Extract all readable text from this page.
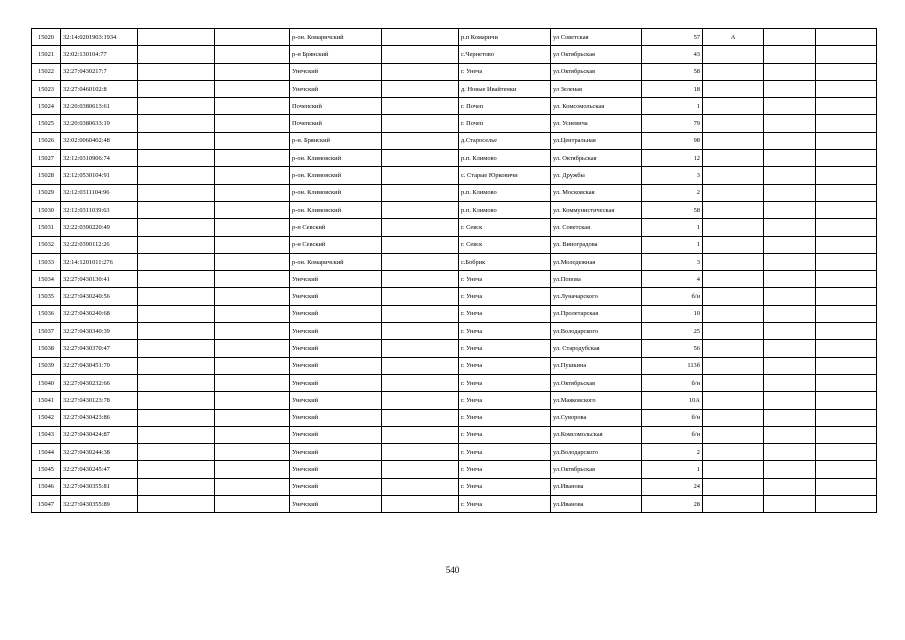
15020	32:14:0201903:1934			р-он. Комаричский		р.п Комаричи	ул Советская	57	А		
15021	32:02:130104:77			р-н Брянский		с.Чернетово	ул Октябрьская	43			
15022	32:27:0430217:7			Унечский		г. Унеча	ул.Октябрьская	58			
15023	32:27:0460102:8			Унечский		д. Новые Ивайтенки	ул Зеленая	18			
15024	32:20:0380613:61			Почепский		г. Почеп	ул. Комсомольская	1			
15025	32:20:0380633:19			Почепский		г. Почеп	ул. Усиевича	79			
15026	32:02:0060402:48			р-н. Брянский		д.Староселье	ул.Центральная	98			
15027	32:12:0310906:74			р-он. Климовский		р.п. Климово	ул. Октябрьская	12			
15028	32:12:0530104:91			р-он. Климовский		с. Старые Юрковичи	ул. Дружбы	3			
15029	32:12:0311104:96			р-он. Климовский		р.п. Климово	ул. Московская	2			
15030	32:12:0311039:63			р-он. Климовский		р.п. Климово	ул. Коммунистическая	58			
15031	32:22:0390220:49			р-н Севский		г. Севск	ул. Советская	1			
15032	32:22:0390112:26			р-н Севский		г. Севск	ул. Виноградова	1			
15033	32:14:1201011:276			р-он. Комаричский		с.Бобрик	ул.Молодежная	3			
15034	32:27:0430130:41			Унечский		г. Унеча	ул.Попова	4			
15035	32:27:0430240:56			Унечский		г. Унеча	ул.Луначарского	б/н			
15036	32:27:0430240:68			Унечский		г. Унеча	ул.Пролетарская	10			
15037	32:27:0430340:39			Унечский		г. Унеча	ул.Володарского	25			
15038	32:27:0430370:47			Унечский		г. Унеча	ул. Стародубская	56			
15039	32:27:0430451:70			Унечский		г. Унеча	ул.Пушкина	113б			
15040	32:27:0430232:66			Унечский		г. Унеча	ул.Октябрьская	б/н			
15041	32:27:0430123:78			Унечский		г. Унеча	ул.Маяковского	10А			
15042	32:27:0430423:86			Унечский		г. Унеча	ул.Суворова	б/н			
15043	32:27:0430424:87			Унечский		г. Унеча	ул.Комсомольская	б/н			
15044	32:27:0430244:38			Унечский		г. Унеча	ул.Володарского	2			
15045	32:27:0430245:47			Унечский		г. Унеча	ул.Октябрьская	1			
15046	32:27:0430355:81			Унечский		г. Унеча	ул.Иванова	24			
15047	32:27:0430355:89			Унечский		г. Унеча	ул.Иванова	28			
540
